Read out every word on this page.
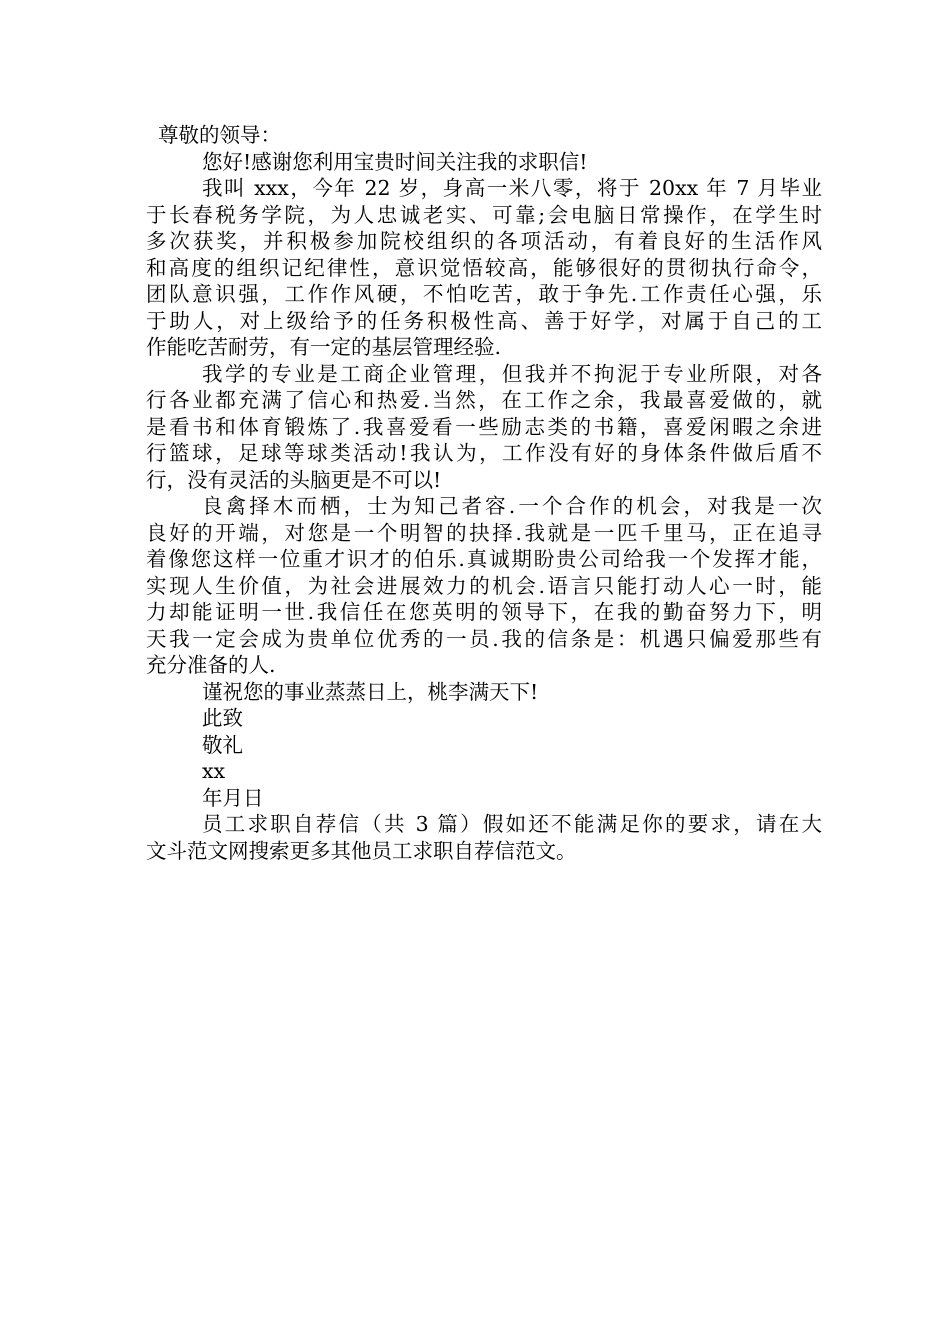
尊敬的领导：
您好!感谢您利用宝贵时间关注我的求职信!
我叫 xxx，今年 22 岁，身高一米八零，将于 20xx 年 7 月毕业
于长春税务学院，为人忠诚老实、可靠;会电脑日常操作，在学生时
多次获奖，并积极参加院校组织的各项活动，有着良好的生活作风
和高度的组织记纪律性，意识觉悟较高，能够很好的贯彻执行命令，
团队意识强，工作作风硬，不怕吃苦，敢于争先.工作责任心强，乐
于助人，对上级给予的任务积极性高、善于好学，对属于自己的工
作能吃苦耐劳，有一定的基层管理经验.
我学的专业是工商企业管理，但我并不拘泥于专业所限，对各
行各业都充满了信心和热爱.当然，在工作之余，我最喜爱做的，就
是看书和体育锻炼了.我喜爱看一些励志类的书籍，喜爱闲暇之余进
行篮球，足球等球类活动!我认为，工作没有好的身体条件做后盾不
行，没有灵活的头脑更是不可以!
良禽择木而栖，士为知己者容.一个合作的机会，对我是一次
良好的开端，对您是一个明智的抉择.我就是一匹千里马，正在追寻
着像您这样一位重才识才的伯乐.真诚期盼贵公司给我一个发挥才能，
实现人生价值，为社会进展效力的机会.语言只能打动人心一时，能
力却能证明一世.我信任在您英明的领导下，在我的勤奋努力下，明
天我一定会成为贵单位优秀的一员.我的信条是：机遇只偏爱那些有
充分准备的人.
谨祝您的事业蒸蒸日上，桃李满天下!
此致
敬礼
xx
年月日
员工求职自荐信（共 3 篇）假如还不能满足你的要求，请在大
文斗范文网搜索更多其他员工求职自荐信范文。
